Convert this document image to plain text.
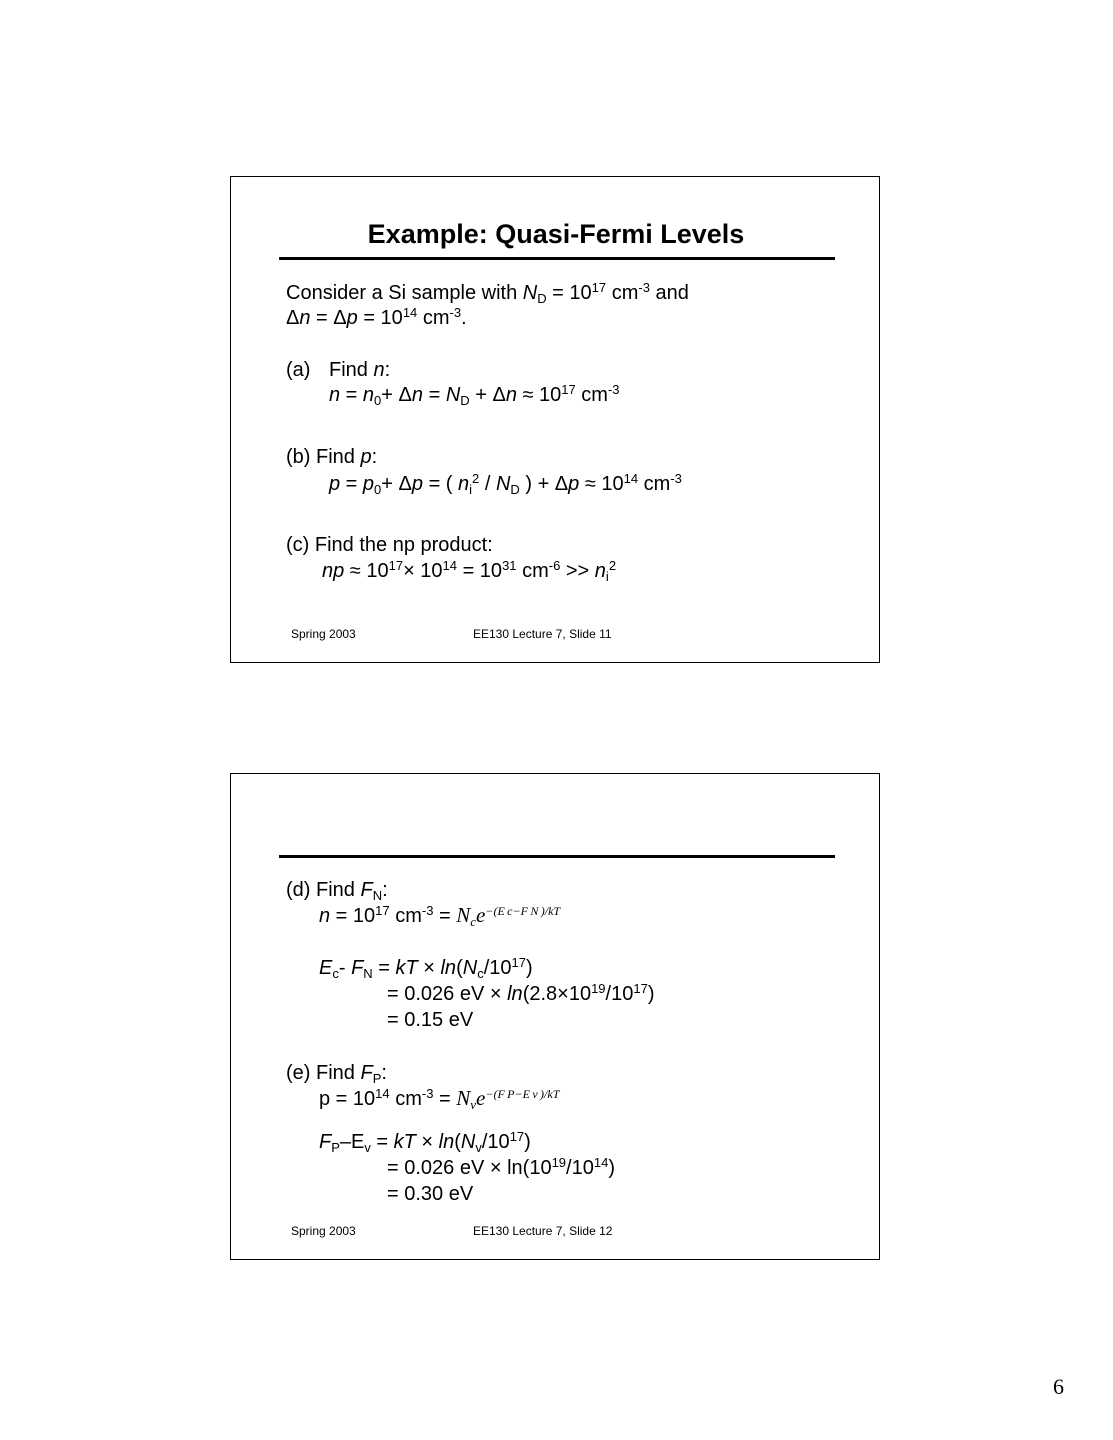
Example: Quasi-Fermi Levels
Spring 2003	EE130 Lecture 7, Slide 11
Consider a Si sample with $N_D = 10^{17}$ $cm^{-3}$ and
$\Delta n = \Delta p = 10^{14}$ $cm^{-3}$.
(a) Find n:
$n = n_0+ \Delta n = N_D + \Delta n \approx 10^{17}$ $cm^{-3}$
(b) Find p:
$p = p_0+ \Delta p$ = ( $n_i^2 / N_D$ ) + $\Delta p \approx 10^{14}$ $cm^{-3}$
(c) Find the np product:
np ≈ $10^{17}\times 10^{14} = 10^{31}$ $cm^{-6} >> n_i^2$
Spring 2003	EE130 Lecture 7, Slide 12
(d) Find $F_N$:
$n = 10^{17}$ $cm^{-3} = N_ce^{-(E c-F N )/kT}$
$E_c-$ $F_N$ = kT × $\ln(N_c/10^{17})$
= 0.026 eV × $\ln(2.8\times 10^{19}/10^{17})$
= 0.15 eV
(e) Find $F_P$:
$p = 10^{14}$ $cm^{-3} = N_ve^{-(F P-E v )/kT}$
$F_P-E_v$ = kT × $\ln(N_v/10^{17})$
= 0.026 eV × $\ln(10^{19}/10^{14})$
= 0.30 eV
6
